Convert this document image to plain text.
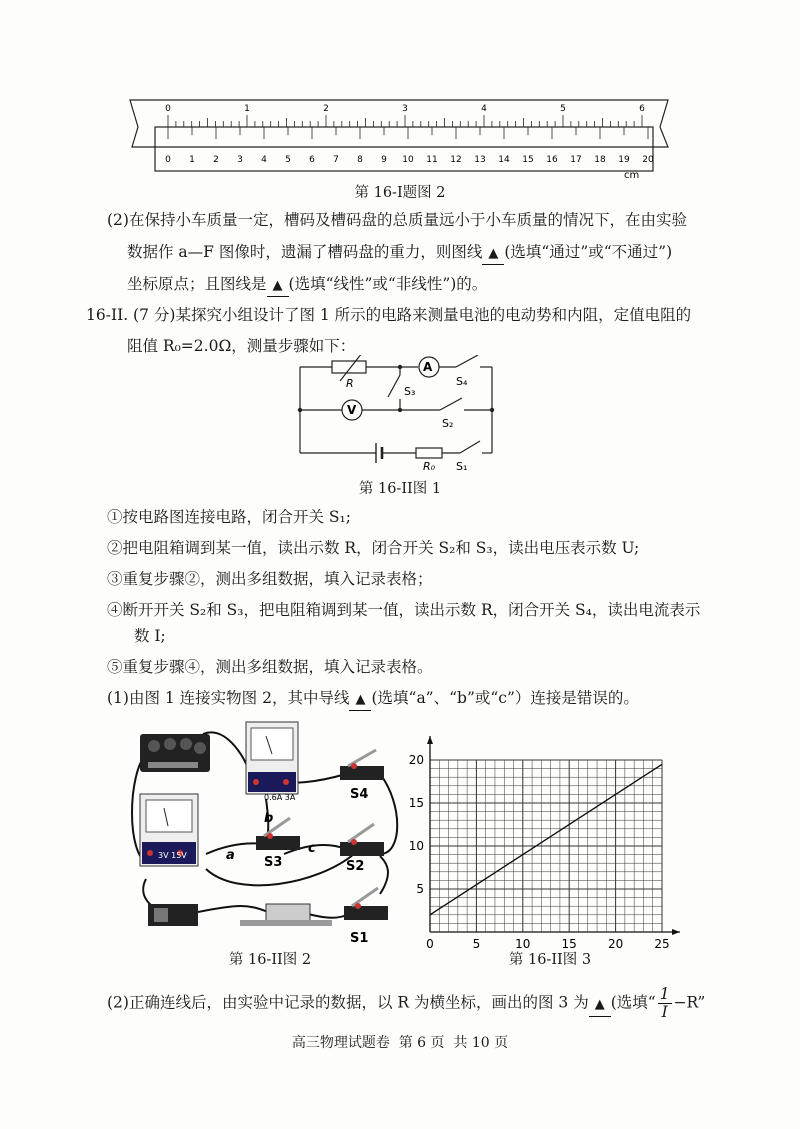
0	1	2	3	4	5	6
0 1 2 3 4 5 6 7 8 9 10 11 12 13 14 15 16 17 18 19 20
cm
第 16-I题图 2
(2)在保持小车质量一定，槽码及槽码盘的总质量远小于小车质量的情况下，在由实验
数据作 a—F 图像时，遗漏了槽码盘的重力，则图线 ▲ (选填“通过”或“不通过”)
坐标原点；且图线是 ▲ (选填“线性”或“非线性”)的。
16-II. (7 分)某探究小组设计了图 1 所示的电路来测量电池的电动势和内阻，定值电阻的
阻值 R₀=2.0Ω，测量步骤如下：
A
V
R
S₃
S₄
S₂
R₀ S₁
第 16-II图 1
①按电路图连接电路，闭合开关 S₁;
②把电阻箱调到某一值，读出示数 R，闭合开关 S₂和 S₃，读出电压表示数 U;
③重复步骤②，测出多组数据，填入记录表格；
④断开开关 S₂和 S₃，把电阻箱调到某一值，读出示数 R，闭合开关 S₄，读出电流表示
数 I;
⑤重复步骤④，测出多组数据，填入记录表格。
(1)由图 1 连接实物图 2，其中导线 ▲ (选填“a”、“b”或“c”）连接是错误的。
0.6A 3A
3V 15V
S4
S3	S2
S1
a
b
c
第 16-II图 2
0	5	10	15	20	25
5
10
15
20
第 16-II图 3
(2)正确连线后，由实验中记录的数据，以 R 为横坐标，画出的图 3 为 ▲ (选填“ $\frac{1}{I} -R$”
高三物理试题卷  第 6 页  共 10 页
